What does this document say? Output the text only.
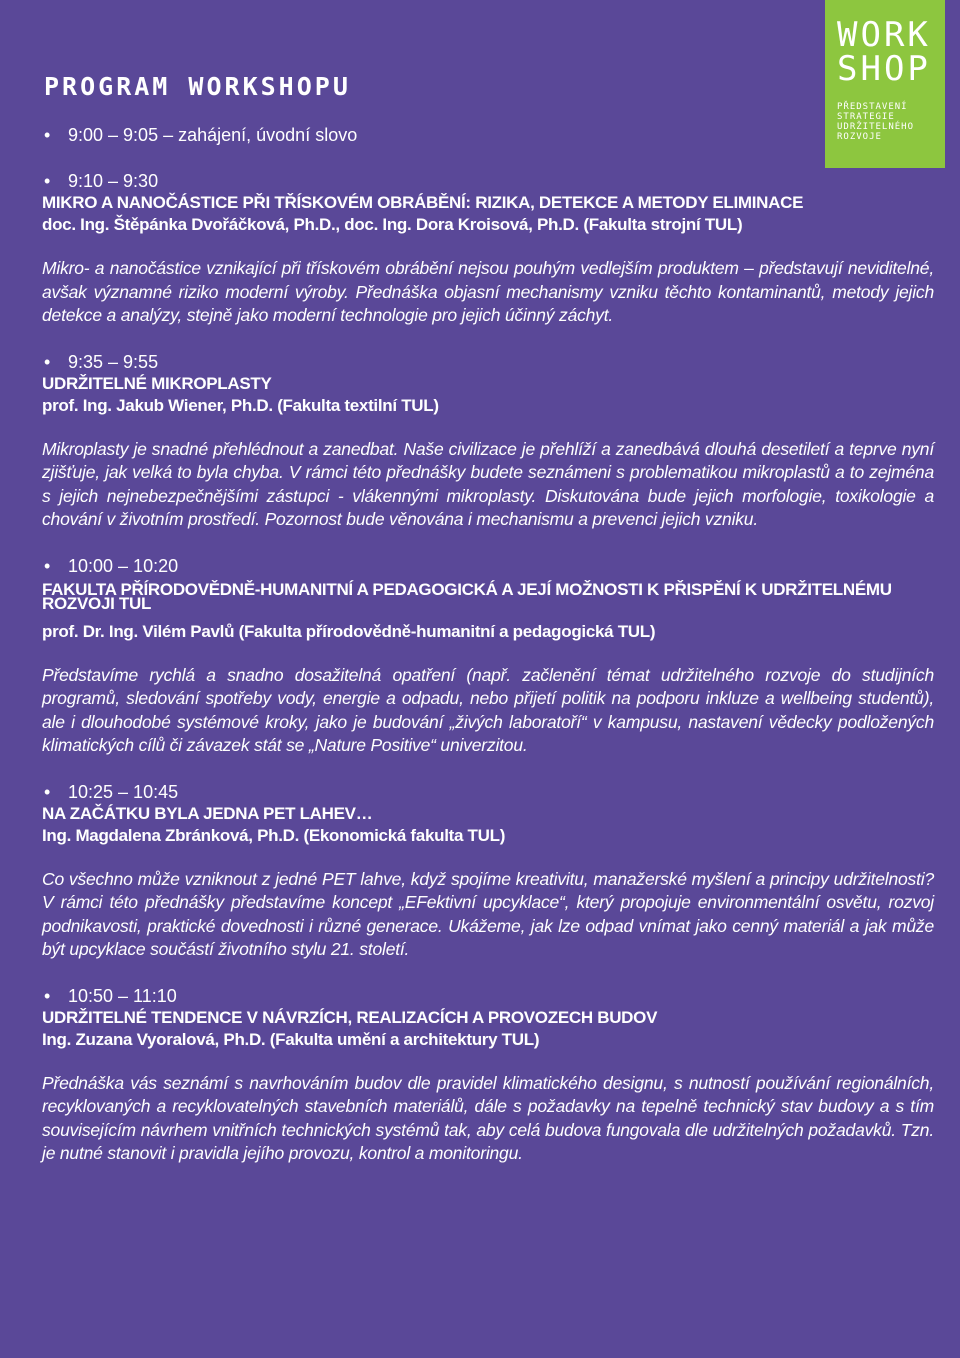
WORK
SHOP
PŘEDSTAVENÍ
STRATEGIE
UDRŽITELNÉHO
ROZVOJE
PROGRAM WORKSHOPU
• 9:00 – 9:05 – zahájení, úvodní slovo
• 9:10 – 9:30
MIKRO A NANOČÁSTICE PŘI TŘÍSKOVÉM OBRÁBĚNÍ: RIZIKA, DETEKCE A METODY ELIMINACE
doc. Ing. Štěpánka Dvořáčková, Ph.D., doc. Ing. Dora Kroisová, Ph.D. (Fakulta strojní TUL)
Mikro- a nanočástice vznikající při třískovém obrábění nejsou pouhým vedlejším produktem – představují neviditelné, avšak významné riziko moderní výroby. Přednáška objasní mechanismy vzniku těchto kontaminantů, metody jejich detekce a analýzy, stejně jako moderní technologie pro jejich účinný záchyt.
• 9:35 – 9:55
UDRŽITELNÉ MIKROPLASTY
prof. Ing. Jakub Wiener, Ph.D. (Fakulta textilní TUL)
Mikroplasty je snadné přehlédnout a zanedbat. Naše civilizace je přehlíží a zanedbává dlouhá desetiletí a teprve nyní zjišťuje, jak velká to byla chyba. V rámci této přednášky budete seznámeni s problematikou mikroplastů a to zejména s jejich nejnebezpečnějšími zástupci - vlákennými mikroplasty. Diskutována bude jejich morfologie, toxikologie a chování v životním prostředí. Pozornost bude věnována i mechanismu a prevenci jejich vzniku.
• 10:00 – 10:20
FAKULTA PŘÍRODOVĚDNĚ-HUMANITNÍ A PEDAGOGICKÁ A JEJÍ MOŽNOSTI K PŘISPĚNÍ K UDRŽITELNÉMU ROZVOJI TUL
prof. Dr. Ing. Vilém Pavlů (Fakulta přírodovědně-humanitní a pedagogická TUL)
Představíme rychlá a snadno dosažitelná opatření (např. začlenění témat udržitelného rozvoje do studijních programů, sledování spotřeby vody, energie a odpadu, nebo přijetí politik na podporu inkluze a wellbeing studentů), ale i dlouhodobé systémové kroky, jako je budování „živých laboratoří“ v kampusu, nastavení vědecky podložených klimatických cílů či závazek stát se „Nature Positive“ univerzitou.
• 10:25 – 10:45
NA ZAČÁTKU BYLA JEDNA PET LAHEV…
Ing. Magdalena Zbránková, Ph.D. (Ekonomická fakulta TUL)
Co všechno může vzniknout z jedné PET lahve, když spojíme kreativitu, manažerské myšlení a principy udržitelnosti? V rámci této přednášky představíme koncept „EFektivní upcyklace“, který propojuje environmentální osvětu, rozvoj podnikavosti, praktické dovednosti i různé generace. Ukážeme, jak lze odpad vnímat jako cenný materiál a jak může být upcyklace součástí životního stylu 21. století.
• 10:50 – 11:10
UDRŽITELNÉ TENDENCE V NÁVRZÍCH, REALIZACÍCH A PROVOZECH BUDOV
Ing. Zuzana Vyoralová, Ph.D. (Fakulta umění a architektury TUL)
Přednáška vás seznámí s navrhováním budov dle pravidel klimatického designu, s nutností používání regionálních, recyklovaných a recyklovatelných stavebních materiálů, dále s požadavky na tepelně technický stav budovy a s tím souvisejícím návrhem vnitřních technických systémů tak, aby celá budova fungovala dle udržitelných požadavků. Tzn. je nutné stanovit i pravidla jejího provozu, kontrol a monitoringu.
